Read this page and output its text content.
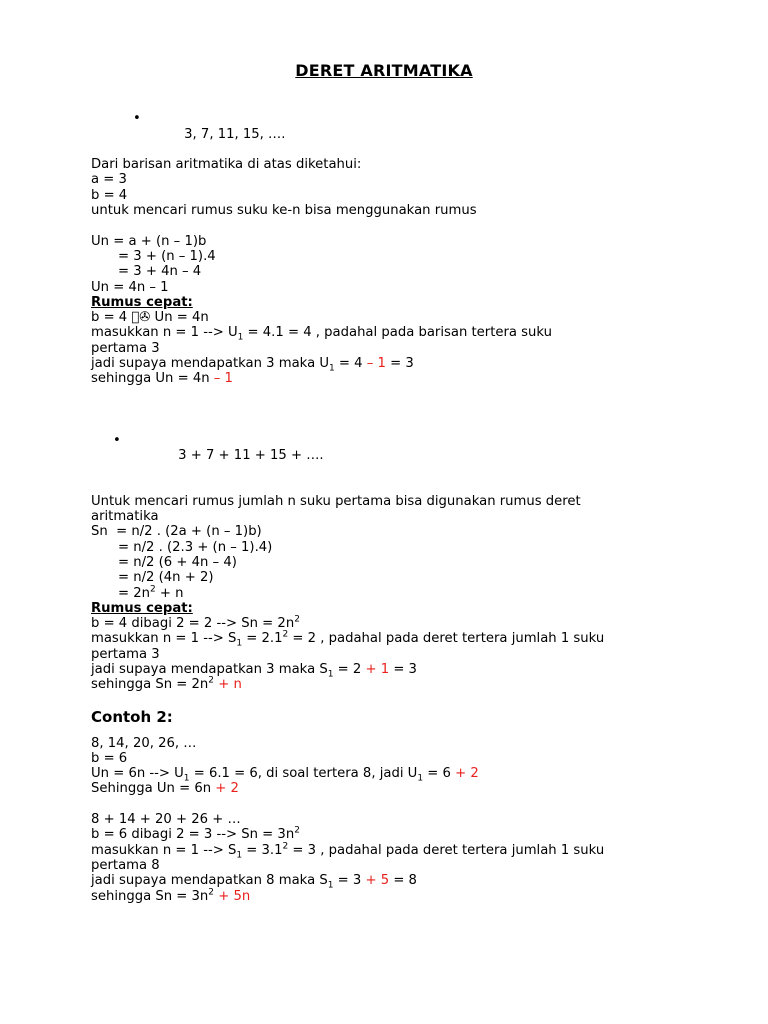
DERET ARITMATIKA

•

3, 7, 11, 15, ….

Dari barisan aritmatika di atas diketahui:
a = 3
b = 4
untuk mencari rumus suku ke-n bisa menggunakan rumus
Un = a + (n – 1)b
= 3 + (n – 1).4
= 3 + 4n – 4
Un = 4n – 1
Rumus cepat:
b = 4 ⃞✇ Un = 4n
masukkan n = 1 --> $U_1 = 4.1 = 4$ , padahal pada barisan tertera suku
pertama 3
jadi supaya mendapatkan 3 maka $U_1 = 4 - 1 = 3$
sehingga Un = 4n – 1

•

3 + 7 + 11 + 15 + ….

Untuk mencari rumus jumlah n suku pertama bisa digunakan rumus deret
aritmatika
Sn  = n/2 . (2a + (n – 1)b)
= n/2 . (2.3 + (n – 1).4)
= n/2 (6 + 4n – 4)
= n/2 (4n + 2)
= $2n^2 + n$
Rumus cepat:
b = 4 dibagi 2 = 2 --> $Sn = 2n^2$
masukkan n = 1 --> $S_1 = 2.1^2 = 2$ , padahal pada deret tertera jumlah 1 suku
pertama 3
jadi supaya mendapatkan 3 maka $S_1 = 2 + 1 = 3$
sehingga $Sn = 2n^2 + n$
Contoh 2:
8, 14, 20, 26, …
b = 6
Un = 6n --> $U_1 = 6.1 = 6$, di soal tertera 8, jadi $U_1 = 6 + 2$
Sehingga Un = 6n + 2
8 + 14 + 20 + 26 + …
b = 6 dibagi 2 = 3 --> $Sn = 3n^2$
masukkan n = 1 --> $S_1 = 3.1^2 = 3$ , padahal pada deret tertera jumlah 1 suku
pertama 8
jadi supaya mendapatkan 8 maka $S_1 = 3 + 5 = 8$
sehingga $Sn = 3n^2 + 5n$
